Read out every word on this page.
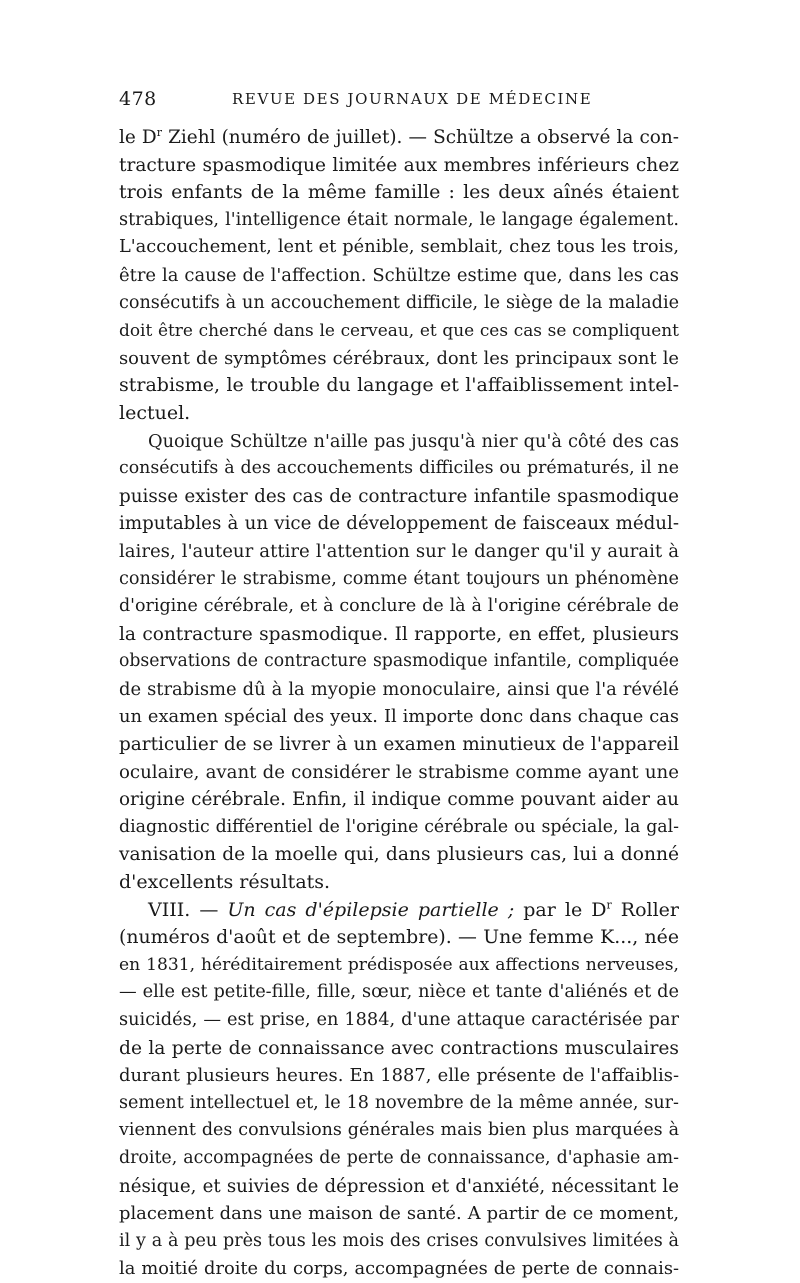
478	REVUE DES JOURNAUX DE MÉDECINE
le $D^r$ Ziehl (numéro de juillet). — Schültze a observé la con-
tracture spasmodique limitée aux membres inférieurs chez
trois enfants de la même famille : les deux aînés étaient
strabiques, l'intelligence était normale, le langage également.
L'accouchement, lent et pénible, semblait, chez tous les trois,
être la cause de l'affection. Schültze estime que, dans les cas
consécutifs à un accouchement difficile, le siège de la maladie
doit être cherché dans le cerveau, et que ces cas se compliquent
souvent de symptômes cérébraux, dont les principaux sont le
strabisme, le trouble du langage et l'affaiblissement intel-
lectuel.
Quoique Schültze n'aille pas jusqu'à nier qu'à côté des cas
consécutifs à des accouchements difficiles ou prématurés, il ne
puisse exister des cas de contracture infantile spasmodique
imputables à un vice de développement de faisceaux médul-
laires, l'auteur attire l'attention sur le danger qu'il y aurait à
considérer le strabisme, comme étant toujours un phénomène
d'origine cérébrale, et à conclure de là à l'origine cérébrale de
la contracture spasmodique. Il rapporte, en effet, plusieurs
observations de contracture spasmodique infantile, compliquée
de strabisme dû à la myopie monoculaire, ainsi que l'a révélé
un examen spécial des yeux. Il importe donc dans chaque cas
particulier de se livrer à un examen minutieux de l'appareil
oculaire, avant de considérer le strabisme comme ayant une
origine cérébrale. Enfin, il indique comme pouvant aider au
diagnostic différentiel de l'origine cérébrale ou spéciale, la gal-
vanisation de la moelle qui, dans plusieurs cas, lui a donné
d'excellents résultats.
VIII. — Un cas d'épilepsie partielle ; par le $D^r$ Roller
(numéros d'août et de septembre). — Une femme K..., née
en 1831, héréditairement prédisposée aux affections nerveuses,
— elle est petite-fille, fille, sœur, nièce et tante d'aliénés et de
suicidés, — est prise, en 1884, d'une attaque caractérisée par
de la perte de connaissance avec contractions musculaires
durant plusieurs heures. En 1887, elle présente de l'affaiblis-
sement intellectuel et, le 18 novembre de la même année, sur-
viennent des convulsions générales mais bien plus marquées à
droite, accompagnées de perte de connaissance, d'aphasie am-
nésique, et suivies de dépression et d'anxiété, nécessitant le
placement dans une maison de santé. A partir de ce moment,
il y a à peu près tous les mois des crises convulsives limitées à
la moitié droite du corps, accompagnées de perte de connais-
